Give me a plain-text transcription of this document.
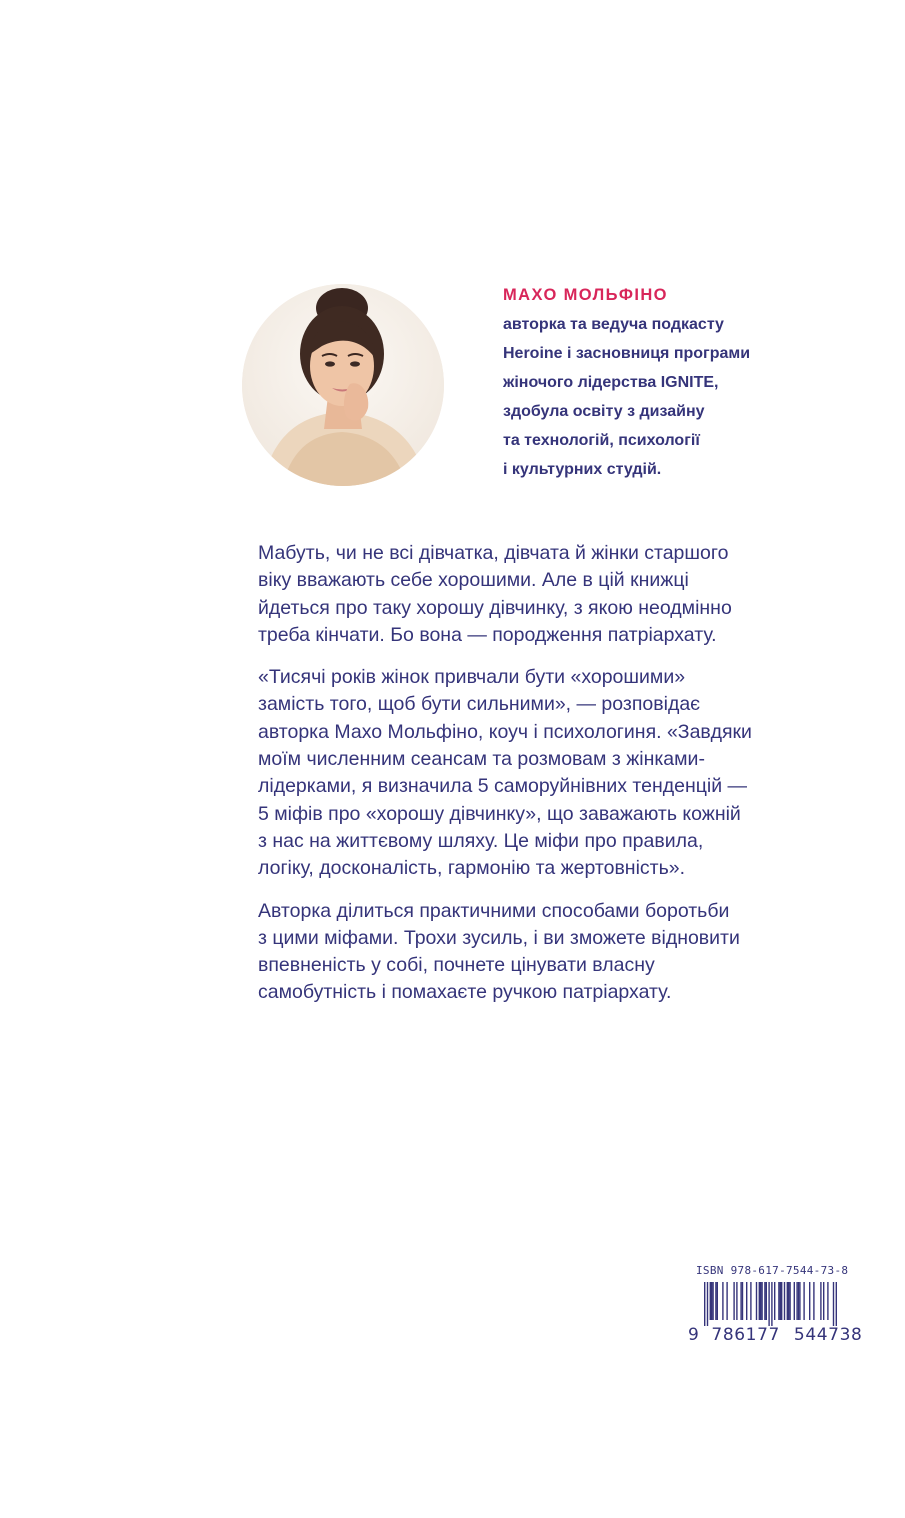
МАХО МОЛЬФІНО
авторка та ведуча подкасту
Heroine і засновниця програми
жіночого лідерства IGNITE,
здобула освіту з дизайну
та технологій, психології
і культурних студій.
Мабуть, чи не всі дівчатка, дівчата й жінки старшого
віку вважають себе хорошими. Але в цій книжці
йдеться про таку хорошу дівчинку, з якою неодмінно
треба кінчати. Бо вона — породження патріархату.
«Тисячі років жінок привчали бути «хорошими»
замість того, щоб бути сильними», — розповідає
авторка Махо Мольфіно, коуч і психологиня. «Завдяки
моїм численним сеансам та розмовам з жінками-
лідерками, я визначила 5 саморуйнівних тенденцій —
5 міфів про «хорошу дівчинку», що заважають кожній
з нас на життєвому шляху. Це міфи про правила,
логіку, досконалість, гармонію та жертовність».
Авторка ділиться практичними способами боротьби
з цими міфами. Трохи зусиль, і ви зможете відновити
впевненість у собі, почнете цінувати власну
самобутність і помахаєте ручкою патріархату.
ISBN 978-617-7544-73-8
9 786177 544738
